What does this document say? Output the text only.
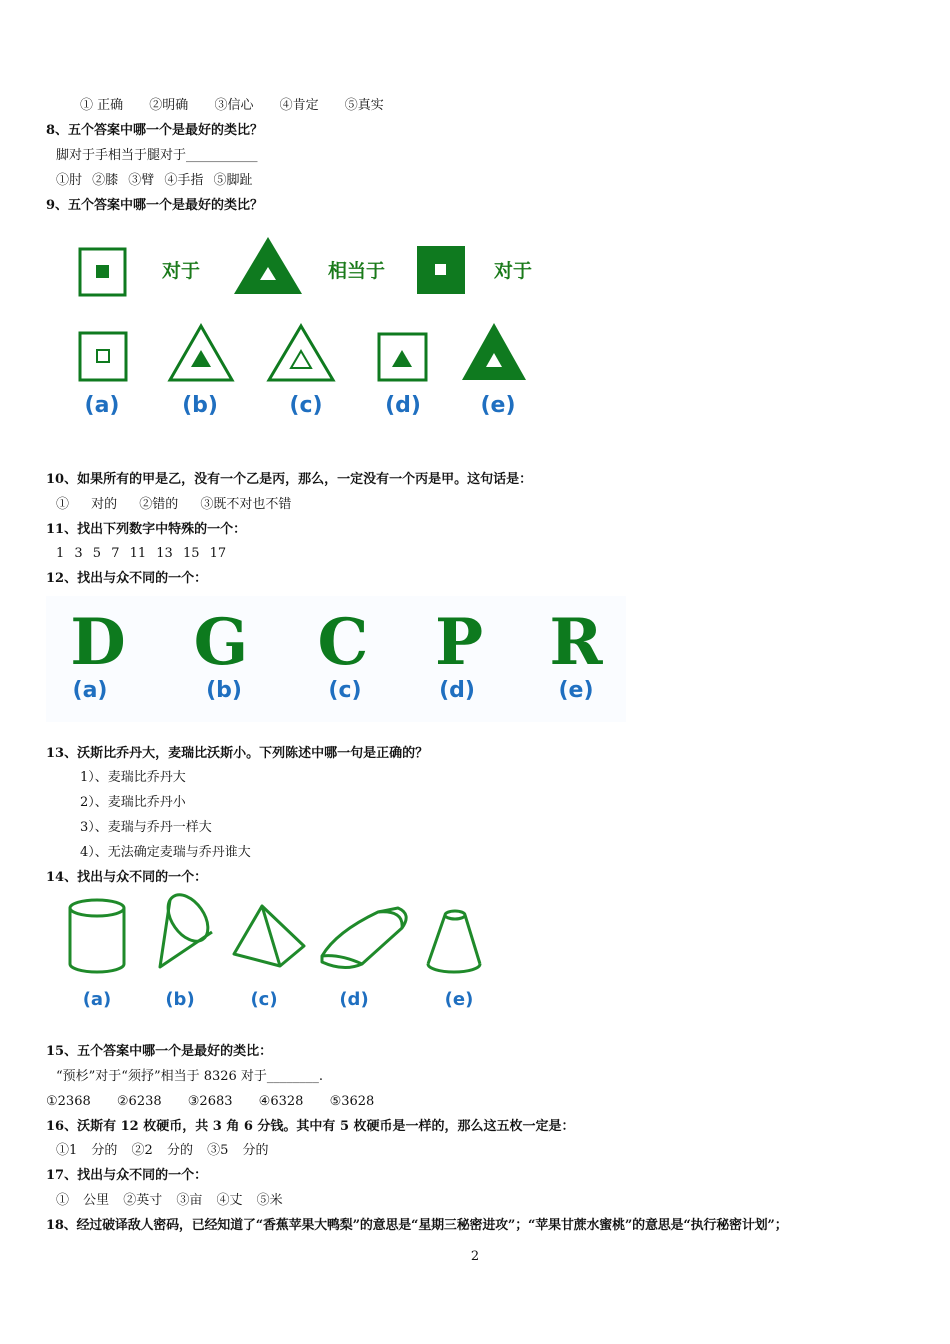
① 正确 ②明确 ③信心 ④肯定 ⑤真实
8、五个答案中哪一个是最好的类比？
脚对于手相当于腿对于___________
①肘 ②膝 ③臂 ④手指 ⑤脚趾
9、五个答案中哪一个是最好的类比？
对于	相当于	对于
(a)	(b)	(c)	(d)	(e)
10、如果所有的甲是乙，没有一个乙是丙，那么，一定没有一个丙是甲。这句话是：
① 对的 ②错的 ③既不对也不错
11、找出下列数字中特殊的一个：
1 3 5 7 11 13 15 17
12、找出与众不同的一个：
D G C P R
(a)	(b)	(c)	(d)	(e)
13、沃斯比乔丹大，麦瑞比沃斯小。下列陈述中哪一句是正确的？
1）、麦瑞比乔丹大
2）、麦瑞比乔丹小
3）、麦瑞与乔丹一样大
4）、无法确定麦瑞与乔丹谁大
14、找出与众不同的一个：
(a)	(b)	(c)	(d)	(e)
15、五个答案中哪一个是最好的类比：
“预杉”对于“须抒”相当于 8326 对于________.
①2368 ②6238 ③2683 ④6328 ⑤3628
16、沃斯有 12 枚硬币，共 3 角 6 分钱。其中有 5 枚硬币是一样的，那么这五枚一定是：
①1 分的 ②2 分的 ③5 分的
17、找出与众不同的一个：
① 公里 ②英寸 ③亩 ④丈 ⑤米
18、经过破译敌人密码，已经知道了“香蕉苹果大鸭梨”的意思是“星期三秘密进攻”；“苹果甘蔗水蜜桃”的意思是“执行秘密计划”；
2
